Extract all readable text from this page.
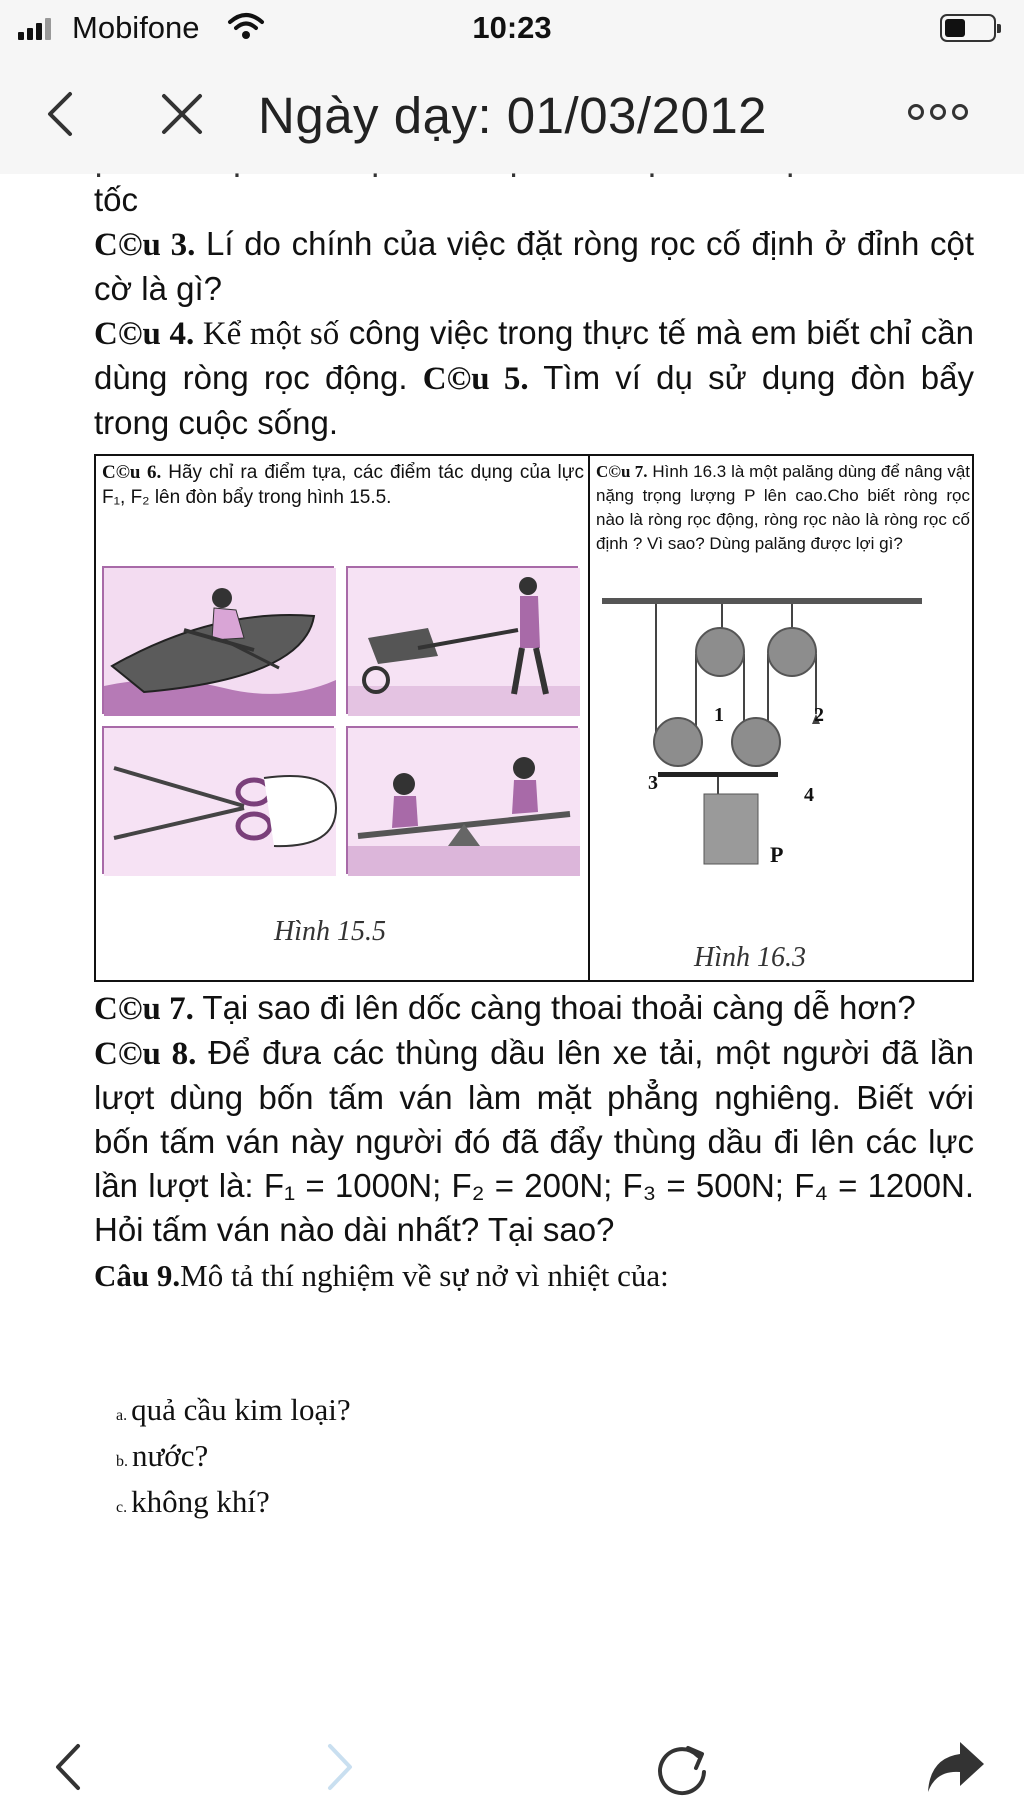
Mobifone	10:23
Ngày dạy: 01/03/2012
. . . . . .
tốc
C©u 3. Lí do chính của việc đặt ròng rọc cố định ở đỉnh cột cờ là gì?
C©u 4. Kể một số công việc trong thực tế mà em biết chỉ cần dùng ròng rọc động. C©u 5. Tìm ví dụ sử dụng đòn bẩy trong cuộc sống.
C©u 6. Hãy chỉ ra điểm tựa, các điểm tác dụng của lực F₁, F₂ lên đòn bẩy trong hình 15.5.
C©u 7. Hình 16.3 là một palăng dùng để nâng vật nặng trọng lượng P lên cao.Cho biết ròng rọc nào là ròng rọc động, ròng rọc nào là ròng rọc cố định ? Vì sao? Dùng palăng được lợi gì?
Hình 15.5
1	2
3
4
P
Hình 16.3
C©u 7. Tại sao đi lên dốc càng thoai thoải càng dễ hơn?
C©u 8. Để đưa các thùng dầu lên xe tải, một người đã lần lượt dùng bốn tấm ván làm mặt phẳng nghiêng. Biết với bốn tấm ván này người đó đã đẩy thùng dầu đi lên các lực lần lượt là: F₁ = 1000N; F₂ = 200N; F₃ = 500N; F₄ = 1200N. Hỏi tấm ván nào dài nhất? Tại sao?
Câu 9.Mô tả thí nghiệm về sự nở vì nhiệt của:
a. quả cầu kim loại?
b. nước?
c. không khí?
